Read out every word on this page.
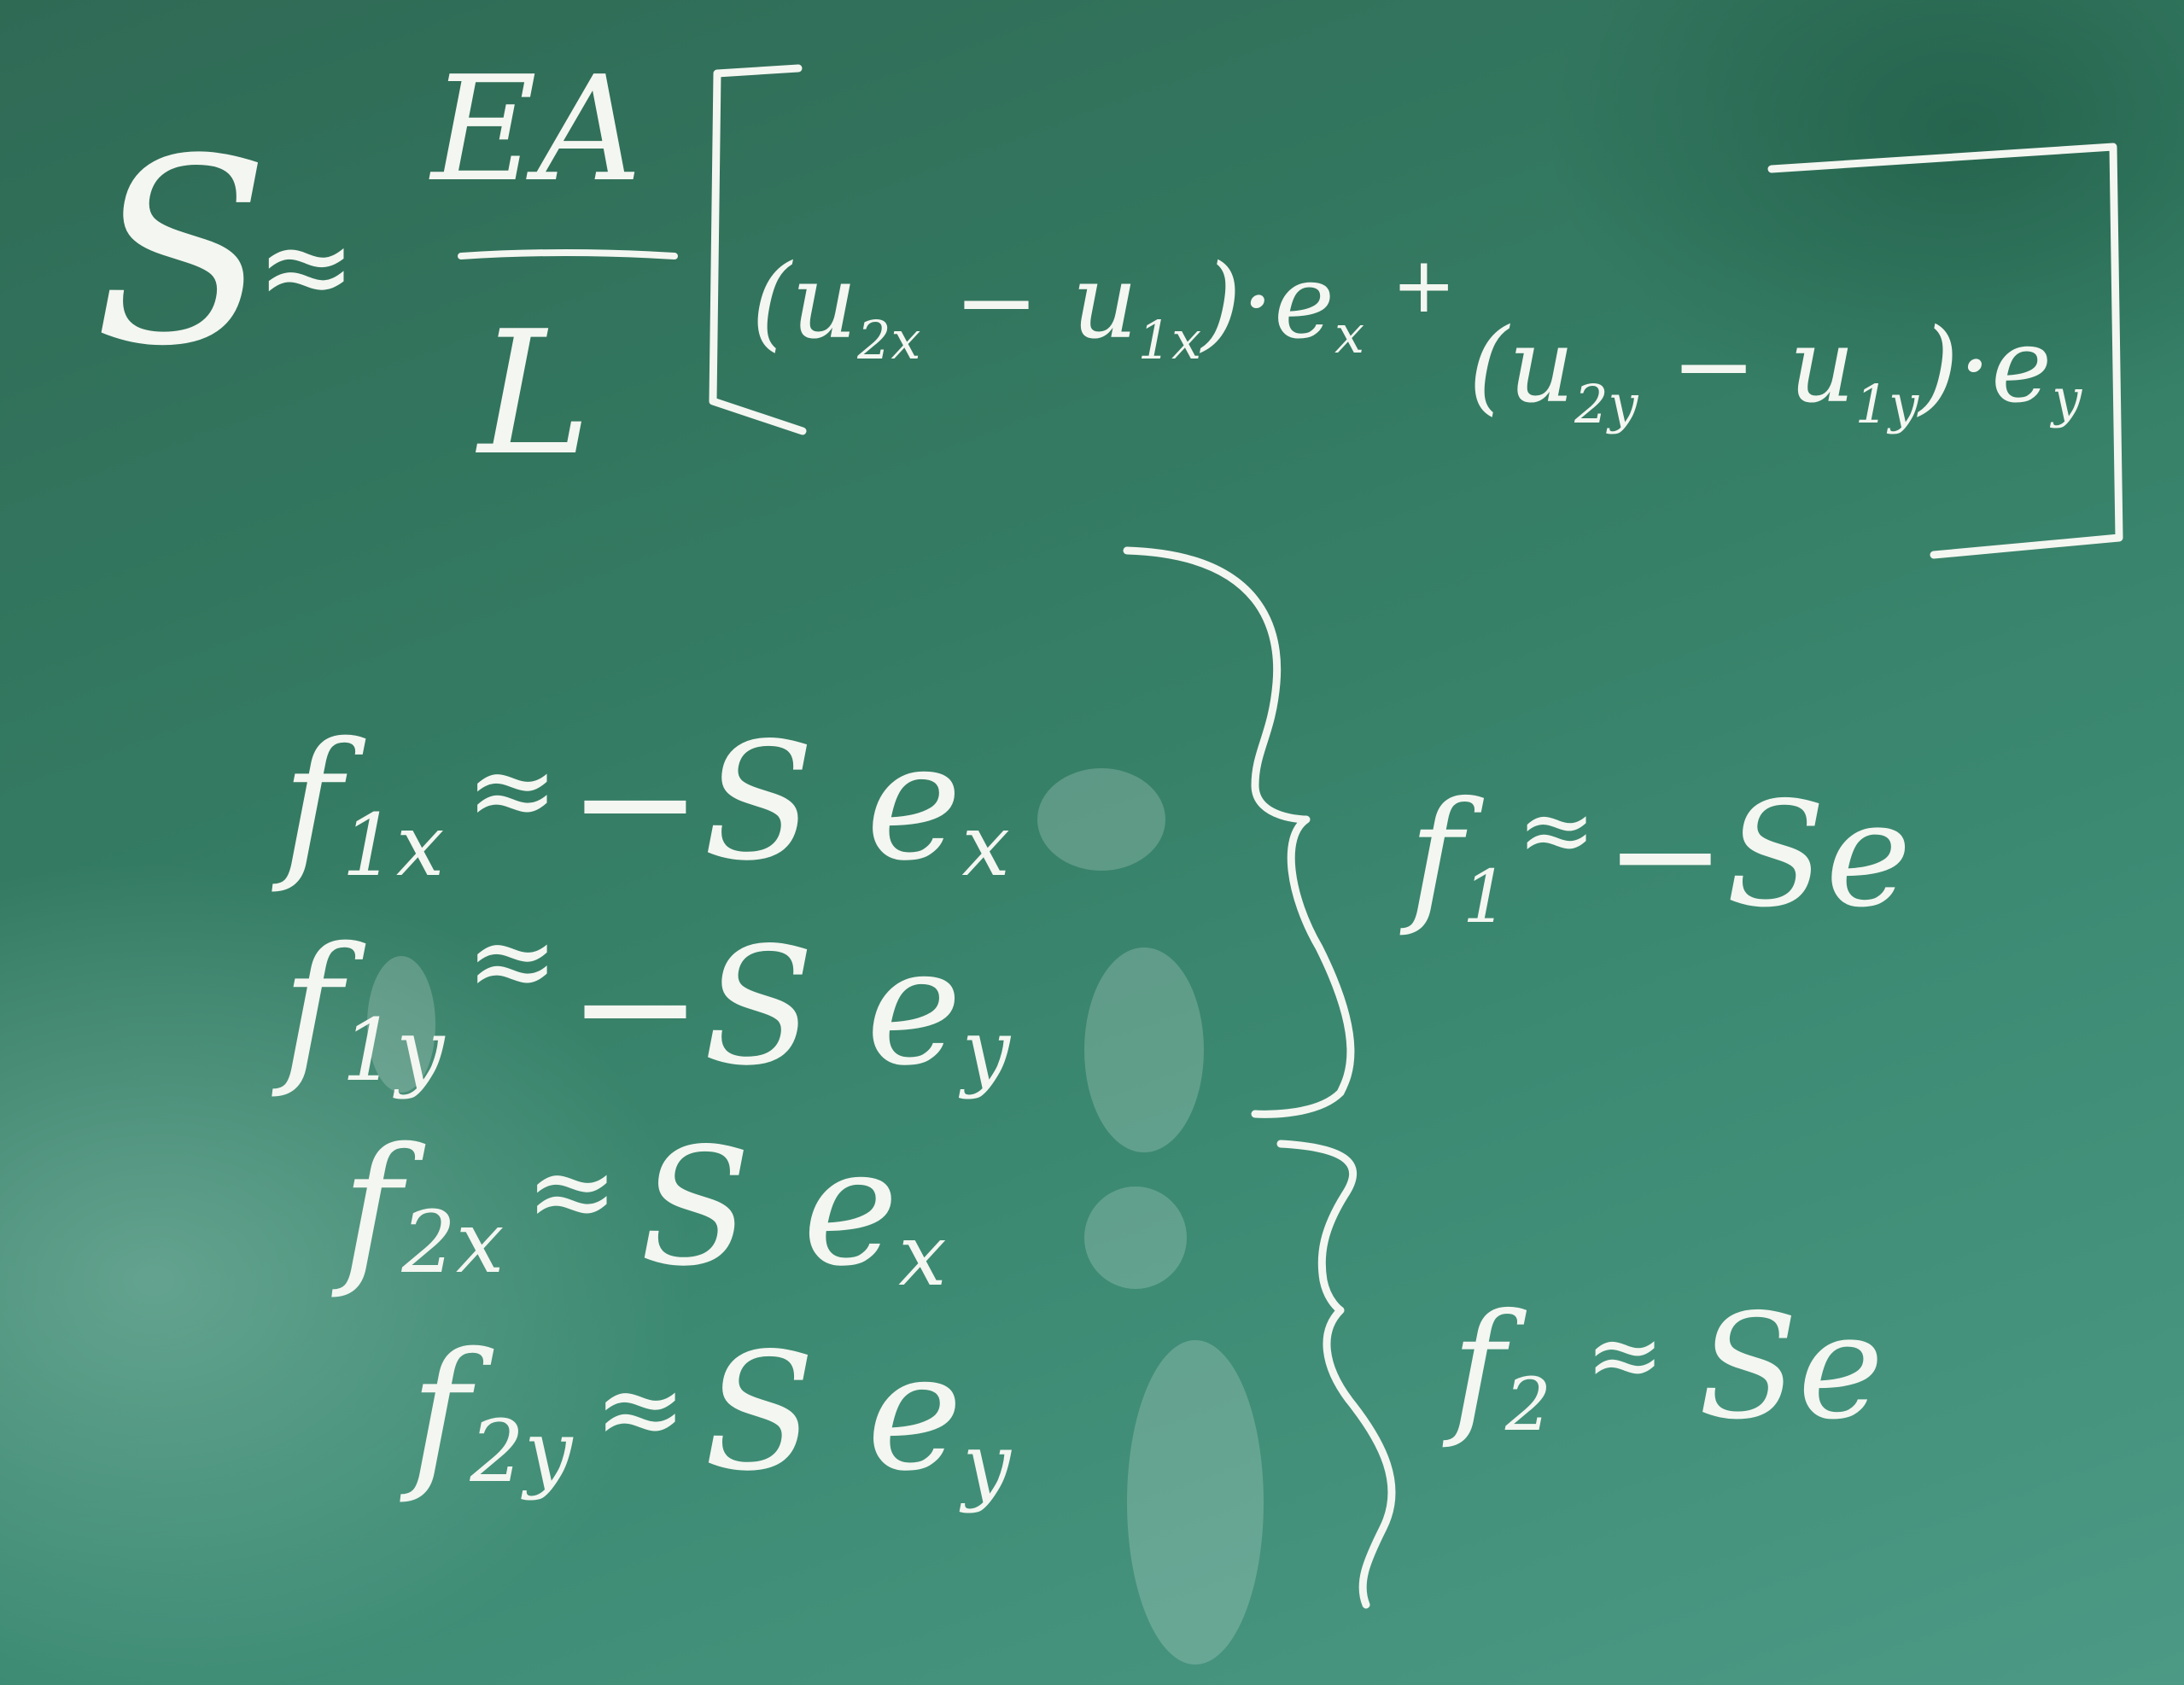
S
≈
EA
L $(u_{2x} - u_{1x})\cdot ex$
+
$(u_{2y} - u_{1y})\cdot ey$
f1x ≈−S ex
f1y≈−S ey
f2x ≈ S ex
f2y ≈ S ey
f1≈−Se
f2 ≈ Se
